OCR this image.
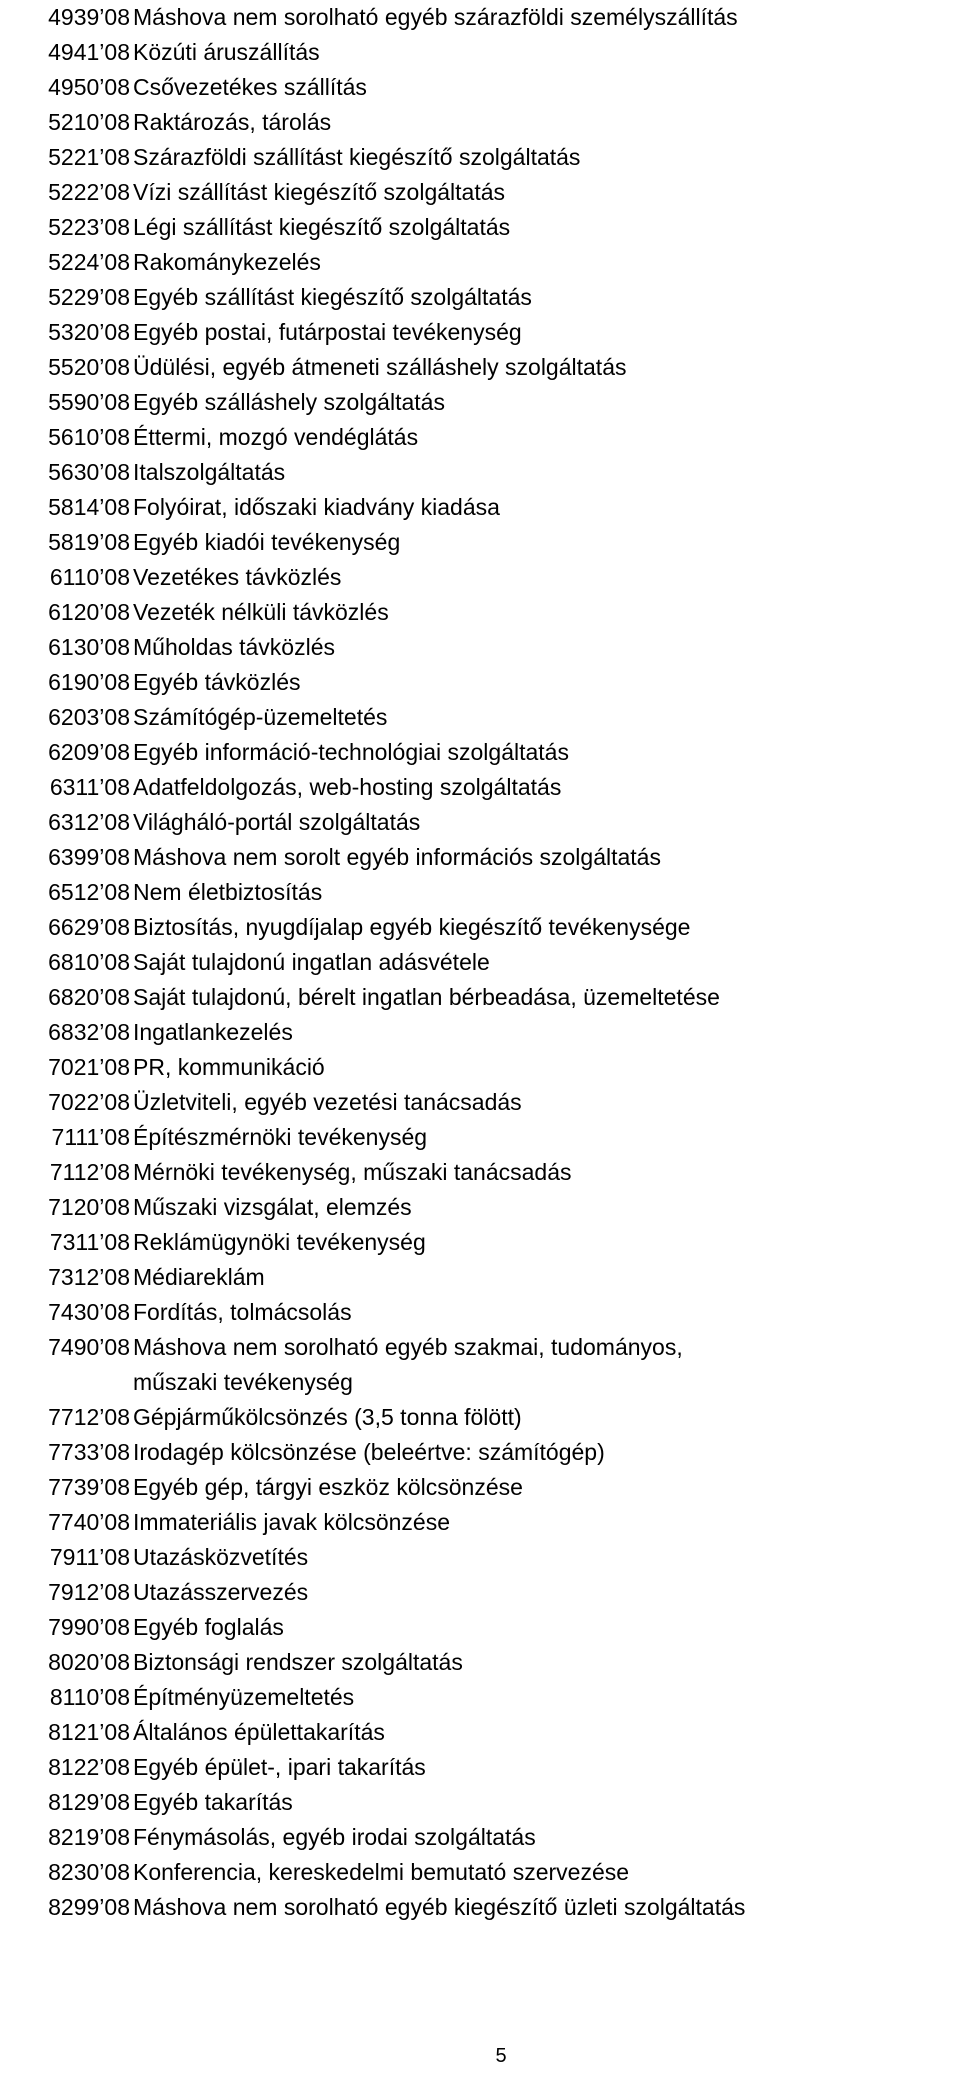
4939’08 Máshova nem sorolható egyéb szárazföldi személyszállítás
4941’08 Közúti áruszállítás
4950’08 Csővezetékes szállítás
5210’08 Raktározás, tárolás
5221’08 Szárazföldi szállítást kiegészítő szolgáltatás
5222’08 Vízi szállítást kiegészítő szolgáltatás
5223’08 Légi szállítást kiegészítő szolgáltatás
5224’08 Rakománykezelés
5229’08 Egyéb szállítást kiegészítő szolgáltatás
5320’08 Egyéb postai, futárpostai tevékenység
5520’08 Üdülési, egyéb átmeneti szálláshely szolgáltatás
5590’08 Egyéb szálláshely szolgáltatás
5610’08 Éttermi, mozgó vendéglátás
5630’08 Italszolgáltatás
5814’08 Folyóirat, időszaki kiadvány kiadása
5819’08 Egyéb kiadói tevékenység
6110’08 Vezetékes távközlés
6120’08 Vezeték nélküli távközlés
6130’08 Műholdas távközlés
6190’08 Egyéb távközlés
6203’08 Számítógép-üzemeltetés
6209’08 Egyéb információ-technológiai szolgáltatás
6311’08 Adatfeldolgozás, web-hosting szolgáltatás
6312’08 Világháló-portál szolgáltatás
6399’08 Máshova nem sorolt egyéb információs szolgáltatás
6512’08 Nem életbiztosítás
6629’08 Biztosítás, nyugdíjalap egyéb kiegészítő tevékenysége
6810’08 Saját tulajdonú ingatlan adásvétele
6820’08 Saját tulajdonú, bérelt ingatlan bérbeadása, üzemeltetése
6832’08 Ingatlankezelés
7021’08 PR, kommunikáció
7022’08 Üzletviteli, egyéb vezetési tanácsadás
7111’08 Építészmérnöki tevékenység
7112’08 Mérnöki tevékenység, műszaki tanácsadás
7120’08 Műszaki vizsgálat, elemzés
7311’08 Reklámügynöki tevékenység
7312’08 Médiareklám
7430’08 Fordítás, tolmácsolás
7490’08 Máshova nem sorolható egyéb szakmai, tudományos,
műszaki tevékenység
7712’08 Gépjárműkölcsönzés (3,5 tonna fölött)
7733’08 Irodagép kölcsönzése (beleértve: számítógép)
7739’08 Egyéb gép, tárgyi eszköz kölcsönzése
7740’08 Immateriális javak kölcsönzése
7911’08 Utazásközvetítés
7912’08 Utazásszervezés
7990’08 Egyéb foglalás
8020’08 Biztonsági rendszer szolgáltatás
8110’08 Építményüzemeltetés
8121’08 Általános épülettakarítás
8122’08 Egyéb épület-, ipari takarítás
8129’08 Egyéb takarítás
8219’08 Fénymásolás, egyéb irodai szolgáltatás
8230’08 Konferencia, kereskedelmi bemutató szervezése
8299’08 Máshova nem sorolható egyéb kiegészítő üzleti szolgáltatás
5
